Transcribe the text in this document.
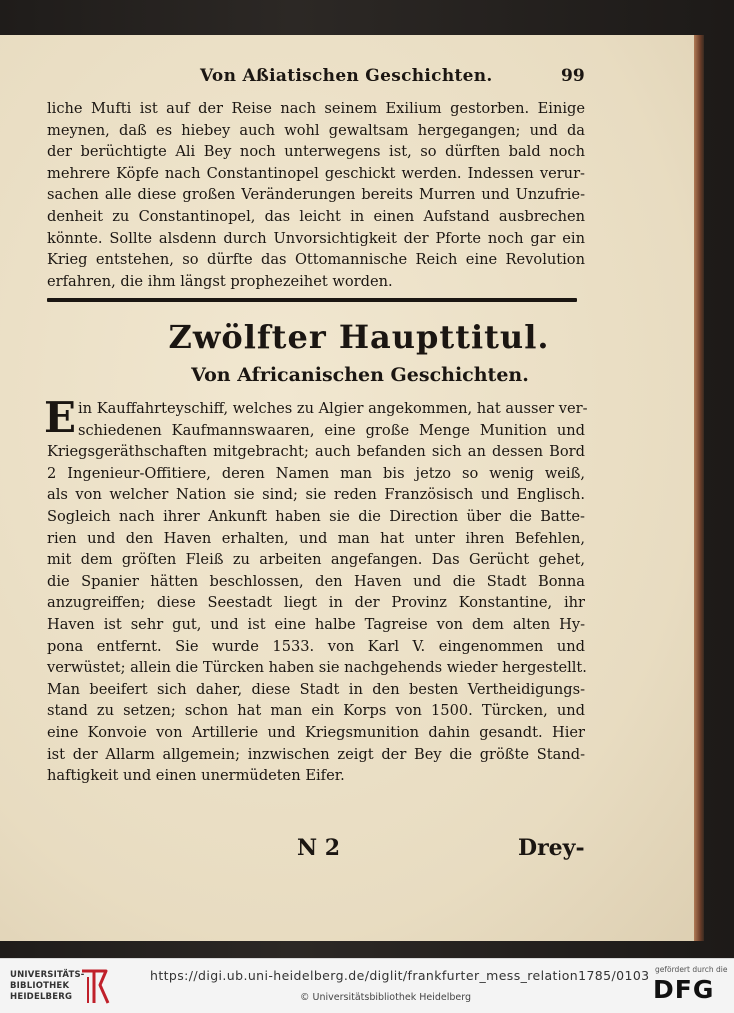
Von Aßiatischen Geschichten.	99
liche Mufti ist auf der Reise nach seinem Exilium gestorben. Einige
meynen, daß es hiebey auch wohl gewaltsam hergegangen; und da
der berüchtigte Ali Bey noch unterwegens ist, so dürften bald noch
mehrere Köpfe nach Constantinopel geschickt werden. Indessen verur-
sachen alle diese großen Veränderungen bereits Murren und Unzufrie-
denheit zu Constantinopel, das leicht in einen Aufstand ausbrechen
könnte. Sollte alsdenn durch Unvorsichtigkeit der Pforte noch gar ein
Krieg entstehen, so dürfte das Ottomannische Reich eine Revolution
erfahren, die ihm längst prophezeihet worden.
Zwölfter Haupttitul.
Von Africanischen Geschichten.
E in Kauffahrteyschiff, welches zu Algier angekommen, hat ausser ver-
schiedenen Kaufmannswaaren, eine große Menge Munition und
Kriegsgeräthschaften mitgebracht; auch befanden sich an dessen Bord
2 Ingenieur-Offitiere, deren Namen man bis jetzo so wenig weiß,
als von welcher Nation sie sind; sie reden Französisch und Englisch.
Sogleich nach ihrer Ankunft haben sie die Direction über die Batte-
rien und den Haven erhalten, und man hat unter ihren Befehlen,
mit dem gröſten Fleiß zu arbeiten angefangen. Das Gerücht gehet,
die Spanier hätten beschlossen, den Haven und die Stadt Bonna
anzugreiffen; diese Seestadt liegt in der Provinz Konstantine, ihr
Haven ist sehr gut, und ist eine halbe Tagreise von dem alten Hy-
pona entfernt. Sie wurde 1533. von Karl V. eingenommen und
verwüstet; allein die Türcken haben sie nachgehends wieder hergestellt.
Man beeifert sich daher, diese Stadt in den besten Vertheidigungs-
stand zu setzen; schon hat man ein Korps von 1500. Türcken, und
eine Konvoie von Artillerie und Kriegsmunition dahin gesandt. Hier
ist der Allarm allgemein; inzwischen zeigt der Bey die größte Stand-
haftigkeit und einen unermüdeten Eifer.
N 2	Drey-
UNIVERSITÄTS-
BIBLIOTHEK
HEIDELBERG
https://digi.ub.uni-heidelberg.de/diglit/frankfurter_mess_relation1785/0103
© Universitätsbibliothek Heidelberg
gefördert durch die
DFG
